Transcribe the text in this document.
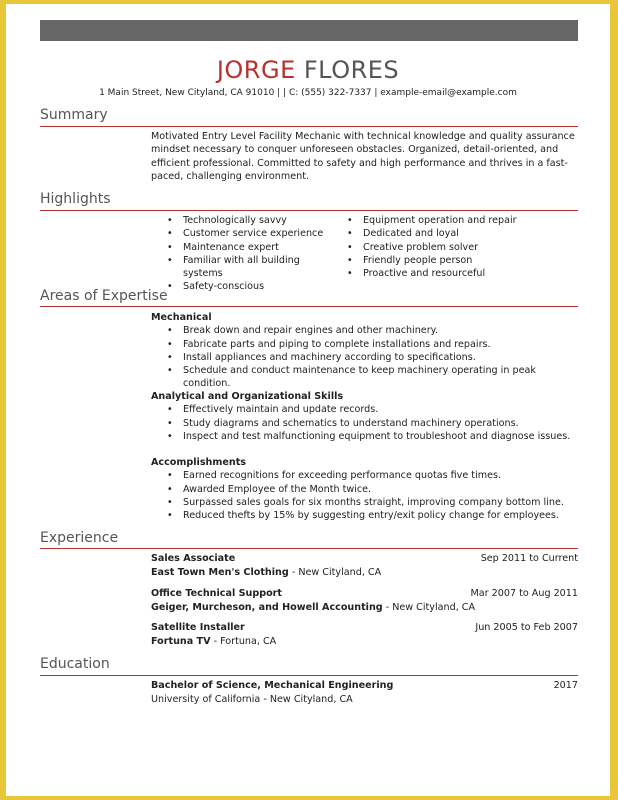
JORGE FLORES
1 Main Street, New Cityland, CA 91010 | | C: (555) 322-7337 | example-email@example.com
Summary
Motivated Entry Level Facility Mechanic with technical knowledge and quality assurance mindset necessary to conquer unforeseen obstacles. Organized, detail-oriented, and efficient professional. Committed to safety and high performance and thrives in a fast-paced, challenging environment.
Highlights
• Technologically savvy
• Customer service experience
• Maintenance expert
• Familiar with all building systems
• Safety-conscious
• Equipment operation and repair
• Dedicated and loyal
• Creative problem solver
• Friendly people person
• Proactive and resourceful
Areas of Expertise
Mechanical
• Break down and repair engines and other machinery.
• Fabricate parts and piping to complete installations and repairs.
• Install appliances and machinery according to specifications.
• Schedule and conduct maintenance to keep machinery operating in peak condition.
Analytical and Organizational Skills
• Effectively maintain and update records.
• Study diagrams and schematics to understand machinery operations.
• Inspect and test malfunctioning equipment to troubleshoot and diagnose issues.
Accomplishments
• Earned recognitions for exceeding performance quotas five times.
• Awarded Employee of the Month twice.
• Surpassed sales goals for six months straight, improving company bottom line.
• Reduced thefts by 15% by suggesting entry/exit policy change for employees.
Experience
Sales Associate	Sep 2011 to Current
East Town Men's Clothing - New Cityland, CA
Office Technical Support	Mar 2007 to Aug 2011
Geiger, Murcheson, and Howell Accounting - New Cityland, CA
Satellite Installer	Jun 2005 to Feb 2007
Fortuna TV - Fortuna, CA
Education
Bachelor of Science, Mechanical Engineering	2017
University of California - New Cityland, CA
